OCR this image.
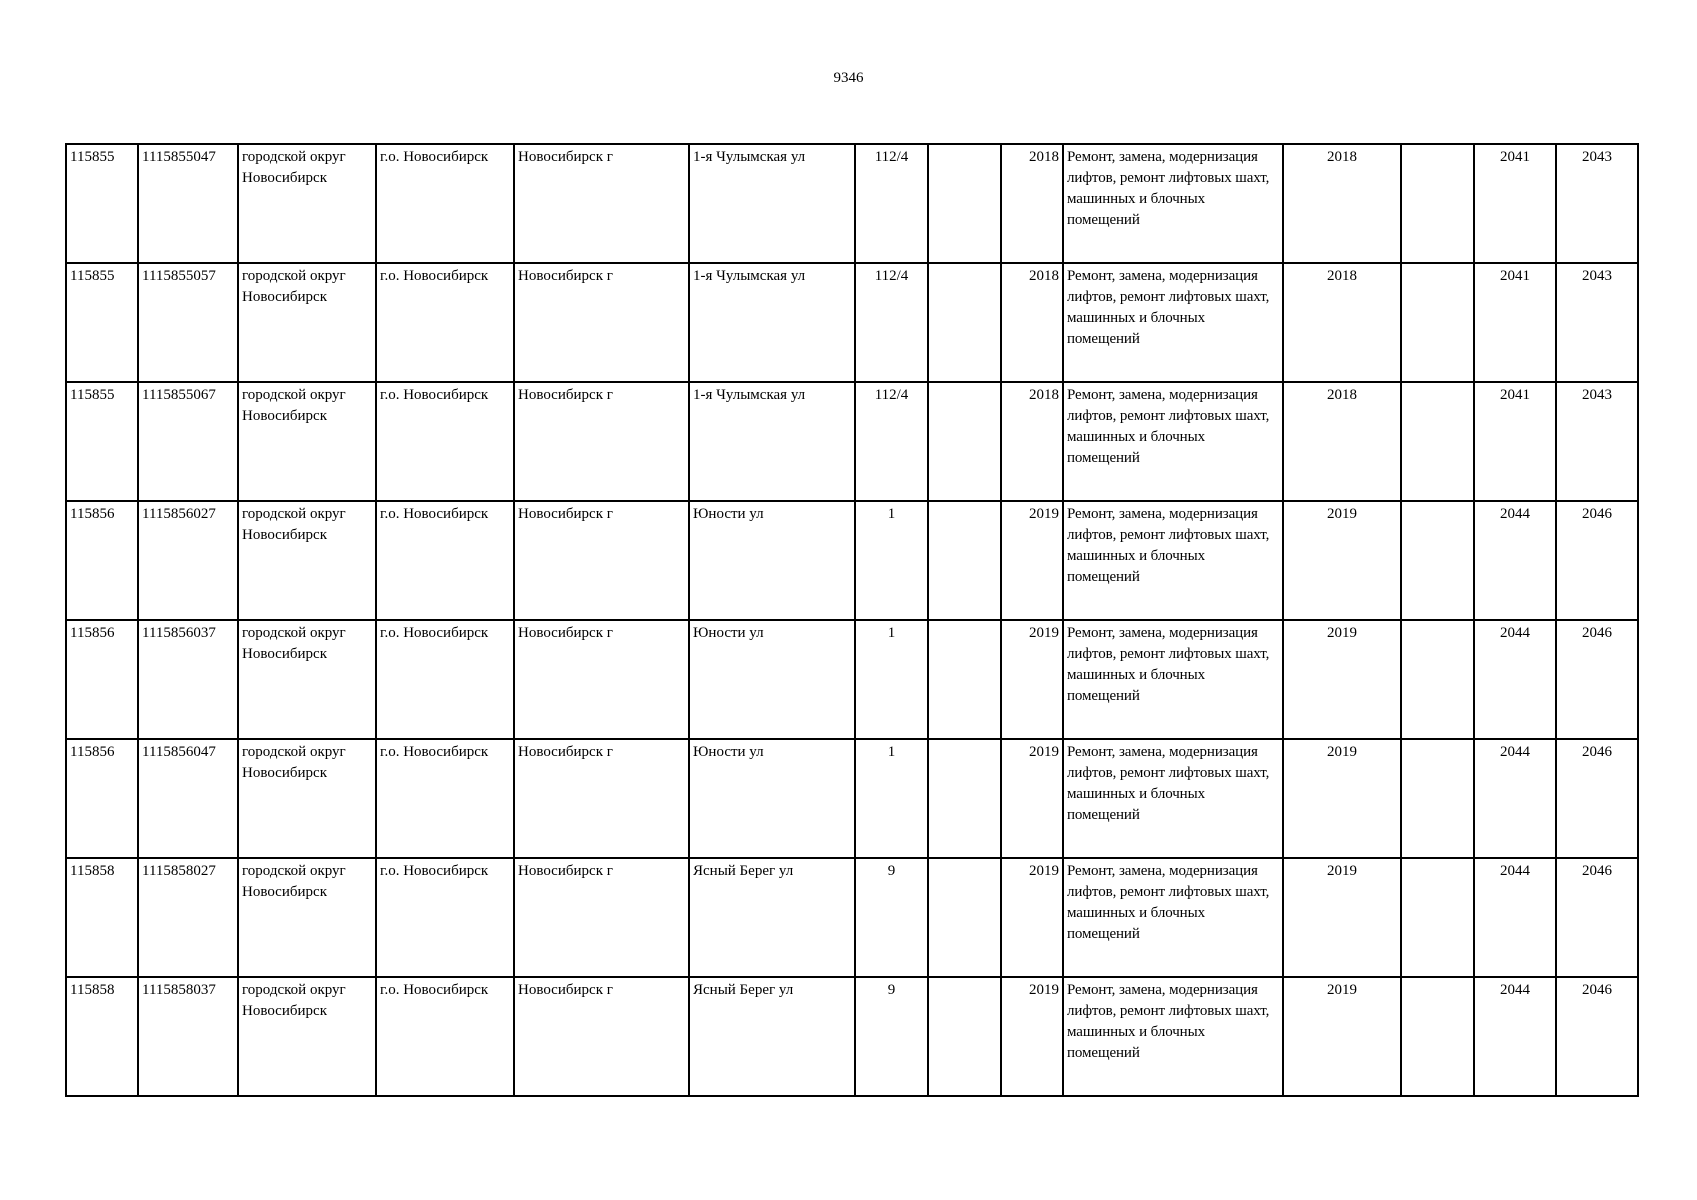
9346
115855	1115855047	городской округ Новосибирск	г.о. Новосибирск	Новосибирск г	1-я Чулымская ул	112/4		2018	Ремонт, замена, модернизация лифтов, ремонт лифтовых шахт, машинных и блочных помещений	2018		2041	2043
115855	1115855057	городской округ Новосибирск	г.о. Новосибирск	Новосибирск г	1-я Чулымская ул	112/4		2018	Ремонт, замена, модернизация лифтов, ремонт лифтовых шахт, машинных и блочных помещений	2018		2041	2043
115855	1115855067	городской округ Новосибирск	г.о. Новосибирск	Новосибирск г	1-я Чулымская ул	112/4		2018	Ремонт, замена, модернизация лифтов, ремонт лифтовых шахт, машинных и блочных помещений	2018		2041	2043
115856	1115856027	городской округ Новосибирск	г.о. Новосибирск	Новосибирск г	Юности ул	1		2019	Ремонт, замена, модернизация лифтов, ремонт лифтовых шахт, машинных и блочных помещений	2019		2044	2046
115856	1115856037	городской округ Новосибирск	г.о. Новосибирск	Новосибирск г	Юности ул	1		2019	Ремонт, замена, модернизация лифтов, ремонт лифтовых шахт, машинных и блочных помещений	2019		2044	2046
115856	1115856047	городской округ Новосибирск	г.о. Новосибирск	Новосибирск г	Юности ул	1		2019	Ремонт, замена, модернизация лифтов, ремонт лифтовых шахт, машинных и блочных помещений	2019		2044	2046
115858	1115858027	городской округ Новосибирск	г.о. Новосибирск	Новосибирск г	Ясный Берег ул	9		2019	Ремонт, замена, модернизация лифтов, ремонт лифтовых шахт, машинных и блочных помещений	2019		2044	2046
115858	1115858037	городской округ Новосибирск	г.о. Новосибирск	Новосибирск г	Ясный Берег ул	9		2019	Ремонт, замена, модернизация лифтов, ремонт лифтовых шахт, машинных и блочных помещений	2019		2044	2046
